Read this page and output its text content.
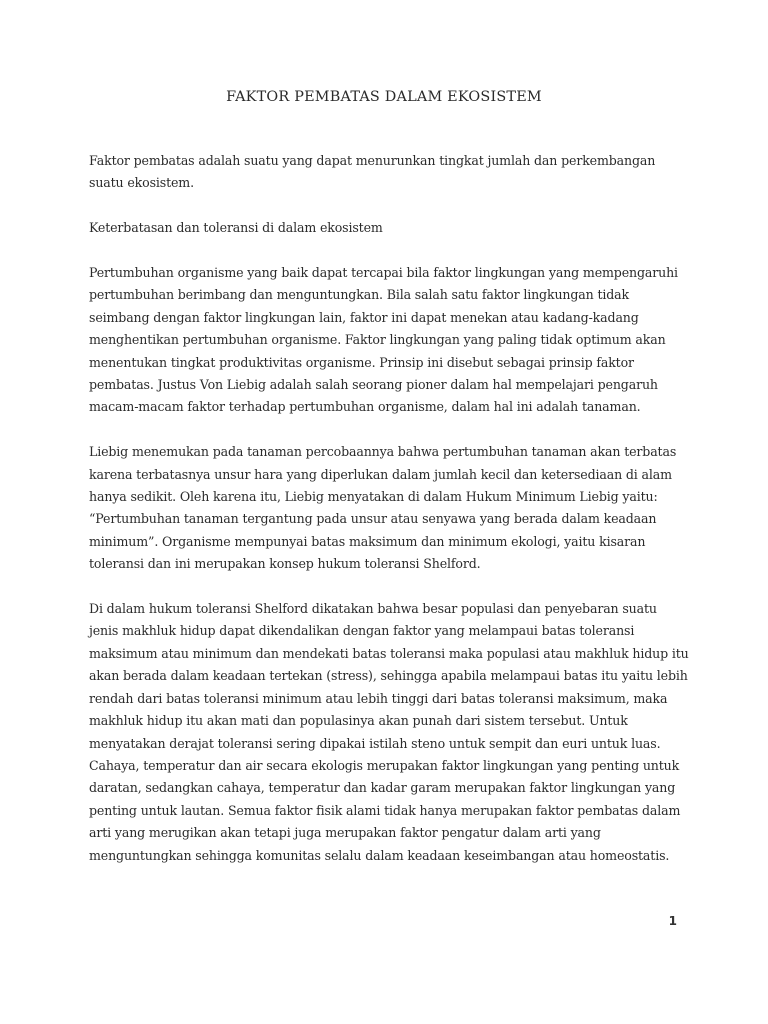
FAKTOR PEMBATAS DALAM EKOSISTEM

Faktor pembatas adalah suatu yang dapat menurunkan tingkat jumlah dan perkembangan suatu ekosistem.

Keterbatasan dan toleransi di dalam ekosistem

Pertumbuhan organisme yang baik dapat tercapai bila faktor lingkungan yang mempengaruhi pertumbuhan berimbang dan menguntungkan. Bila salah satu faktor lingkungan tidak seimbang dengan faktor lingkungan lain, faktor ini dapat menekan atau kadang-kadang menghentikan pertumbuhan organisme. Faktor lingkungan yang paling tidak optimum akan menentukan tingkat produktivitas organisme. Prinsip ini disebut sebagai prinsip faktor pembatas. Justus Von Liebig adalah salah seorang pioner dalam hal mempelajari pengaruh macam-macam faktor terhadap pertumbuhan organisme, dalam hal ini adalah tanaman.

Liebig menemukan pada tanaman percobaannya bahwa pertumbuhan tanaman akan terbatas karena terbatasnya unsur hara yang diperlukan dalam jumlah kecil dan ketersediaan di alam hanya sedikit. Oleh karena itu, Liebig menyatakan di dalam Hukum Minimum Liebig yaitu: “Pertumbuhan tanaman tergantung pada unsur atau senyawa yang berada dalam keadaan minimum”. Organisme mempunyai batas maksimum dan minimum ekologi, yaitu kisaran toleransi dan ini merupakan konsep hukum toleransi Shelford.

Di dalam hukum toleransi Shelford dikatakan bahwa besar populasi dan penyebaran suatu jenis makhluk hidup dapat dikendalikan dengan faktor yang melampaui batas toleransi maksimum atau minimum dan mendekati batas toleransi maka populasi atau makhluk hidup itu akan berada dalam keadaan tertekan (stress), sehingga apabila melampaui batas itu yaitu lebih rendah dari batas toleransi minimum atau lebih tinggi dari batas toleransi maksimum, maka makhluk hidup itu akan mati dan populasinya akan punah dari sistem tersebut. Untuk menyatakan derajat toleransi sering dipakai istilah steno untuk sempit dan euri untuk luas. Cahaya, temperatur dan air secara ekologis merupakan faktor lingkungan yang penting untuk daratan, sedangkan cahaya, temperatur dan kadar garam merupakan faktor lingkungan yang penting untuk lautan. Semua faktor fisik alami tidak hanya merupakan faktor pembatas dalam arti yang merugikan akan tetapi juga merupakan faktor pengatur dalam arti yang menguntungkan sehingga komunitas selalu dalam keadaan keseimbangan atau homeostatis.

1
